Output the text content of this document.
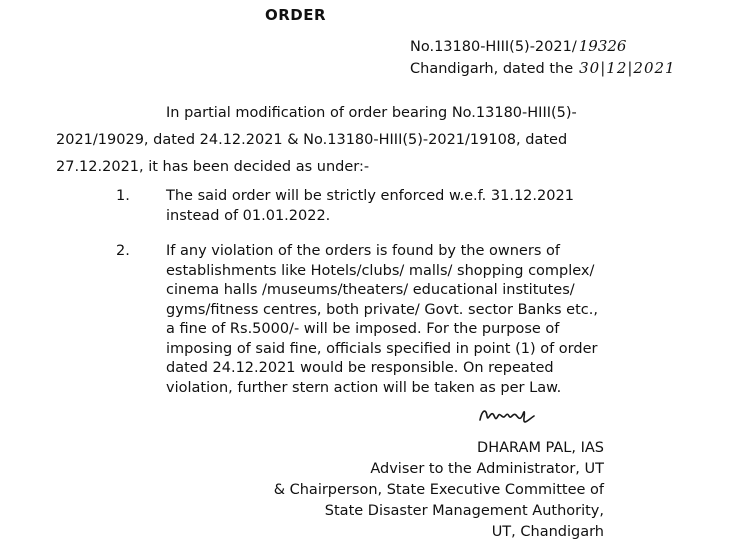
ORDER
No.13180-HIII(5)-2021/ 19326
Chandigarh, dated the 30|12|2021
In partial modification of order bearing No.13180-HIII(5)-
2021/19029, dated 24.12.2021 & No.13180-HIII(5)-2021/19108, dated
27.12.2021, it has been decided as under:-
1. The said order will be strictly enforced w.e.f. 31.12.2021
instead of 01.01.2022.
2. If any violation of the orders is found by the owners of
establishments like Hotels/clubs/ malls/ shopping complex/
cinema halls /museums/theaters/ educational institutes/
gyms/fitness centres, both private/ Govt. sector Banks etc.,
a fine of Rs.5000/- will be imposed. For the purpose of
imposing of said fine, officials specified in point (1) of order
dated 24.12.2021 would be responsible. On repeated
violation, further stern action will be taken as per Law.
DHARAM PAL, IAS
Adviser to the Administrator, UT
& Chairperson, State Executive Committee of
State Disaster Management Authority,
UT, Chandigarh
